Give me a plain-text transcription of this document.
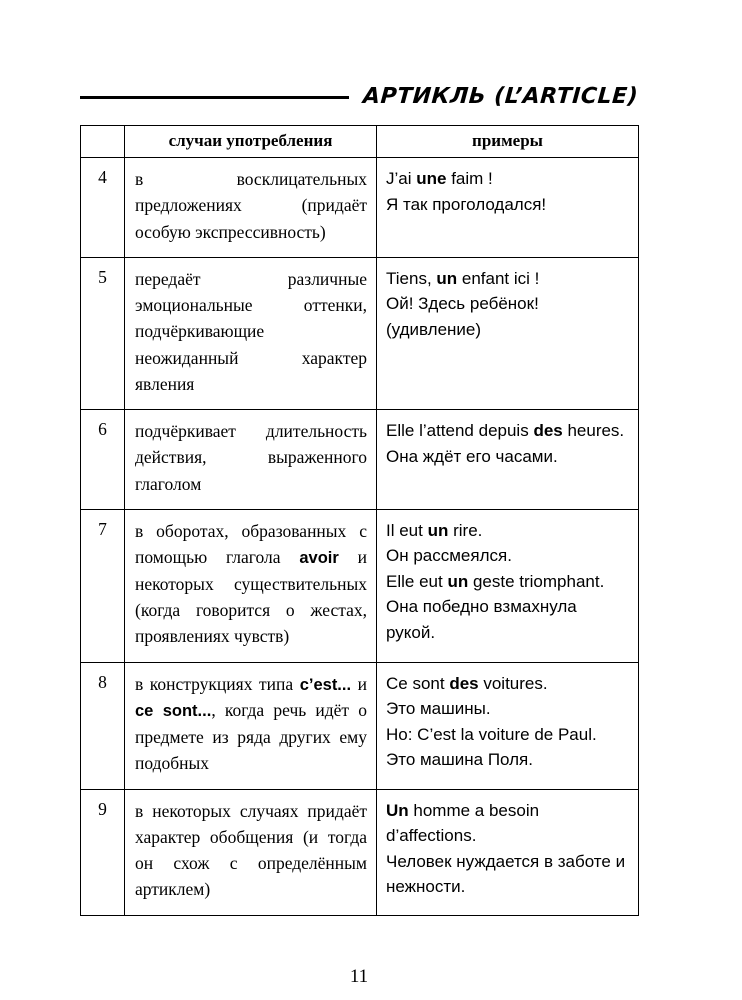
АРТИКЛЬ (L’ARTICLE)
	случаи употребления	примеры
4	в восклицательных предложениях (придаёт особую экспрессивность)	J’ai une faim !
Я так проголодался!

5	передаёт различные эмоциональные оттенки, подчёркивающие неожиданный характер явления	Tiens, un enfant ici !
Ой! Здесь ребёнок! (удивление)

6	подчёркивает длительность действия, выраженного глаголом	Elle l’attend depuis des heures.
Она ждёт его часами.

7	в оборотах, образованных с помощью глагола avoir и некоторых существительных (когда говорится о жестах, проявлениях чувств)	Il eut un rire.
Он рассмеялся.
Elle eut un geste triomphant.
Она победно взмахнула рукой.

8	в конструкциях типа c’est... и ce sont..., когда речь идёт о предмете из ряда других ему подобных	Ce sont des voitures.
Это машины.
Но: C’est la voiture de Paul.
Это машина Поля.

9	в некоторых случаях придаёт характер обобщения (и тогда он схож с определённым артиклем)	Un homme a besoin d’affections.
Человек нуждается в заботе и нежности.
11
